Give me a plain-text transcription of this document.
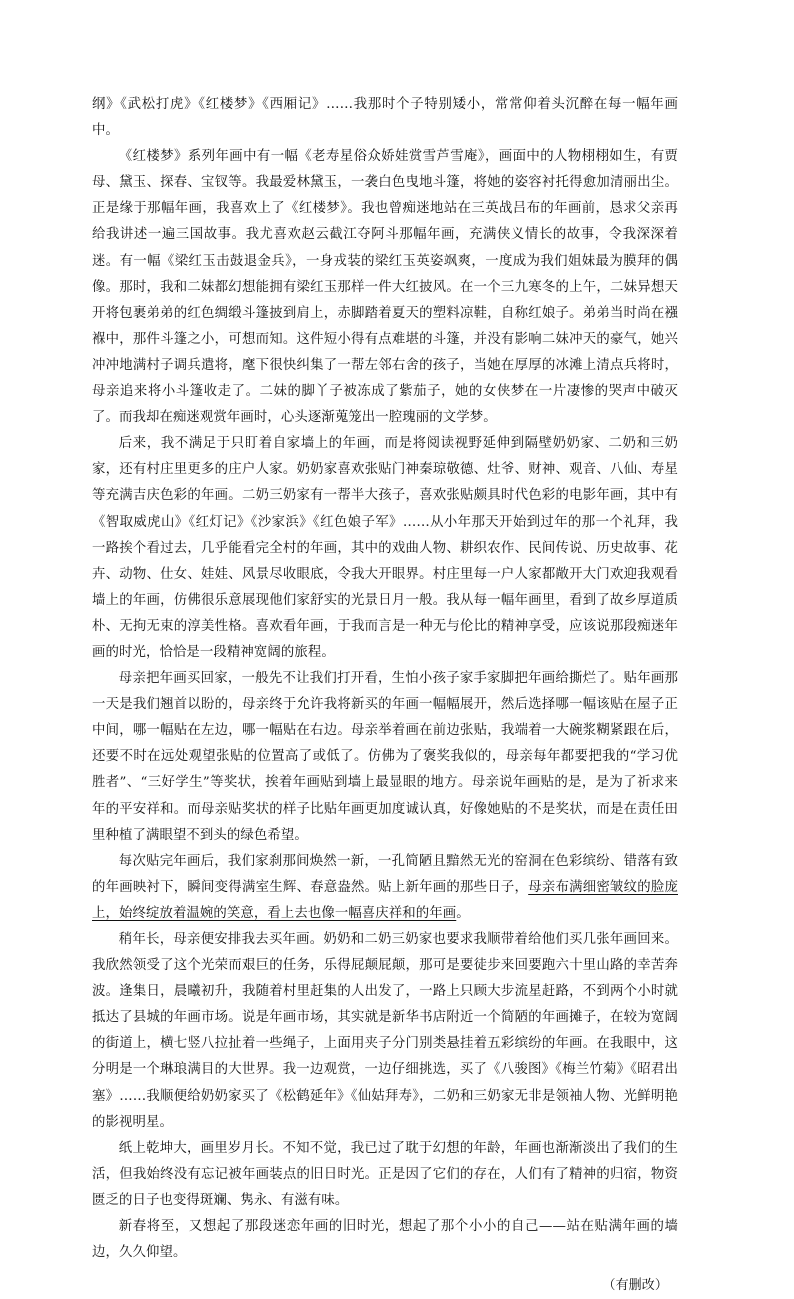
纲》《武松打虎》《红楼梦》《西厢记》……我那时个子特别矮小，常常仰着头沉醉在每一幅年画中。

《红楼梦》系列年画中有一幅《老寿星俗众娇娃赏雪芦雪庵》，画面中的人物栩栩如生，有贾母、黛玉、探春、宝钗等。我最爱林黛玉，一袭白色曳地斗篷，将她的姿容衬托得愈加清丽出尘。正是缘于那幅年画，我喜欢上了《红楼梦》。我也曾痴迷地站在三英战吕布的年画前，恳求父亲再给我讲述一遍三国故事。我尤喜欢赵云截江夺阿斗那幅年画，充满侠义情长的故事，令我深深着迷。有一幅《梁红玉击鼓退金兵》，一身戎装的梁红玉英姿飒爽，一度成为我们姐妹最为膜拜的偶像。那时，我和二妹都幻想能拥有梁红玉那样一件大红披风。在一个三九寒冬的上午，二妹异想天开将包裹弟弟的红色绸缎斗篷披到肩上，赤脚踏着夏天的塑料凉鞋，自称红娘子。弟弟当时尚在襁褓中，那件斗篷之小，可想而知。这件短小得有点难堪的斗篷，并没有影响二妹冲天的豪气，她兴冲冲地满村子调兵遣将，麾下很快纠集了一帮左邻右舍的孩子，当她在厚厚的冰滩上清点兵将时，母亲追来将小斗篷收走了。二妹的脚丫子被冻成了紫茄子，她的女侠梦在一片凄惨的哭声中破灭了。而我却在痴迷观赏年画时，心头逐渐蒐笼出一腔瑰丽的文学梦。

后来，我不满足于只盯着自家墙上的年画，而是将阅读视野延伸到隔壁奶奶家、二奶和三奶家，还有村庄里更多的庄户人家。奶奶家喜欢张贴门神秦琼敬德、灶爷、财神、观音、八仙、寿星等充满吉庆色彩的年画。二奶三奶家有一帮半大孩子，喜欢张贴颇具时代色彩的电影年画，其中有《智取威虎山》《红灯记》《沙家浜》《红色娘子军》……从小年那天开始到过年的那一个礼拜，我一路挨个看过去，几乎能看完全村的年画，其中的戏曲人物、耕织农作、民间传说、历史故事、花卉、动物、仕女、娃娃、风景尽收眼底，令我大开眼界。村庄里每一户人家都敞开大门欢迎我观看墙上的年画，仿佛很乐意展现他们家舒实的光景日月一般。我从每一幅年画里，看到了故乡厚道质朴、无拘无束的淳美性格。喜欢看年画，于我而言是一种无与伦比的精神享受，应该说那段痴迷年画的时光，恰恰是一段精神宽阔的旅程。

母亲把年画买回家，一般先不让我们打开看，生怕小孩子家手家脚把年画给撕烂了。贴年画那一天是我们翘首以盼的，母亲终于允许我将新买的年画一幅幅展开，然后选择哪一幅该贴在屋子正中间，哪一幅贴在左边，哪一幅贴在右边。母亲举着画在前边张贴，我端着一大碗浆糊紧跟在后，还要不时在远处观望张贴的位置高了或低了。仿佛为了褒奖我似的，母亲每年都要把我的“学习优胜者”、“三好学生”等奖状，挨着年画贴到墙上最显眼的地方。母亲说年画贴的是，是为了祈求来年的平安祥和。而母亲贴奖状的样子比贴年画更加度诚认真，好像她贴的不是奖状，而是在责任田里种植了满眼望不到头的绿色希望。

每次贴完年画后，我们家刹那间焕然一新，一孔简陋且黯然无光的窑洞在色彩缤纷、错落有致的年画映衬下，瞬间变得满室生辉、春意盎然。贴上新年画的那些日子，母亲布满细密皱纹的脸庞上，始终绽放着温婉的笑意，看上去也像一幅喜庆祥和的年画。

稍年长，母亲便安排我去买年画。奶奶和二奶三奶家也要求我顺带着给他们买几张年画回来。我欣然领受了这个光荣而艰巨的任务，乐得屁颠屁颠，那可是要徒步来回要跑六十里山路的幸苦奔波。逢集日，晨曦初升，我随着村里赶集的人出发了，一路上只顾大步流星赶路，不到两个小时就抵达了县城的年画市场。说是年画市场，其实就是新华书店附近一个简陋的年画摊子，在较为宽阔的街道上，横七竖八拉扯着一些绳子，上面用夹子分门别类悬挂着五彩缤纷的年画。在我眼中，这分明是一个琳琅满目的大世界。我一边观赏，一边仔细挑选，买了《八骏图》《梅兰竹菊》《昭君出塞》……我顺便给奶奶家买了《松鹤延年》《仙姑拜寿》，二奶和三奶家无非是领袖人物、光鲜明艳的影视明星。

纸上乾坤大，画里岁月长。不知不觉，我已过了耽于幻想的年龄，年画也渐渐淡出了我们的生活，但我始终没有忘记被年画装点的旧日时光。正是因了它们的存在，人们有了精神的归宿，物资匮乏的日子也变得斑斓、隽永、有滋有味。

新春将至，又想起了那段迷恋年画的旧时光，想起了那个小小的自己——站在贴满年画的墙边，久久仰望。

（有删改）
